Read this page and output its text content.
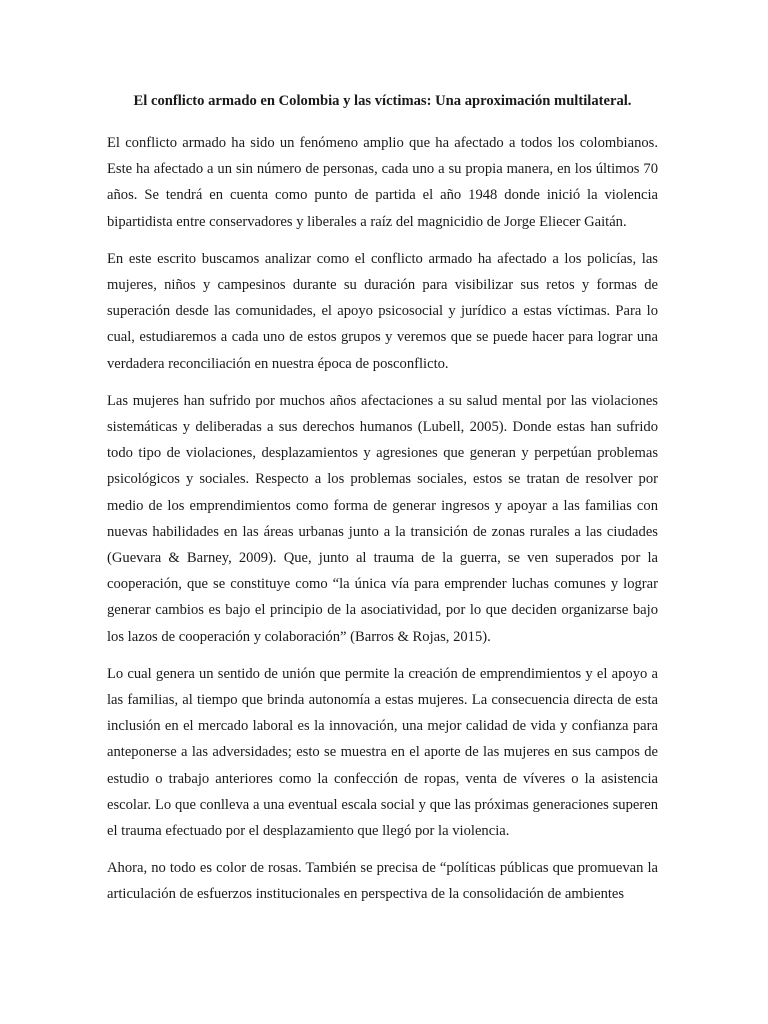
El conflicto armado en Colombia y las víctimas: Una aproximación multilateral.

El conflicto armado ha sido un fenómeno amplio que ha afectado a todos los colombianos. Este ha afectado a un sin número de personas, cada uno a su propia manera, en los últimos 70 años. Se tendrá en cuenta como punto de partida el año 1948 donde inició la violencia bipartidista entre conservadores y liberales a raíz del magnicidio de Jorge Eliecer Gaitán.

En este escrito buscamos analizar como el conflicto armado ha afectado a los policías, las mujeres, niños y campesinos durante su duración para visibilizar sus retos y formas de superación desde las comunidades, el apoyo psicosocial y jurídico a estas víctimas. Para lo cual, estudiaremos a cada uno de estos grupos y veremos que se puede hacer para lograr una verdadera reconciliación en nuestra época de posconflicto.

Las mujeres han sufrido por muchos años afectaciones a su salud mental por las violaciones sistemáticas y deliberadas a sus derechos humanos (Lubell, 2005). Donde estas han sufrido todo tipo de violaciones, desplazamientos y agresiones que generan y perpetúan problemas psicológicos y sociales. Respecto a los problemas sociales, estos se tratan de resolver por medio de los emprendimientos como forma de generar ingresos y apoyar a las familias con nuevas habilidades en las áreas urbanas junto a la transición de zonas rurales a las ciudades (Guevara & Barney, 2009). Que, junto al trauma de la guerra, se ven superados por la cooperación, que se constituye como “la única vía para emprender luchas comunes y lograr generar cambios es bajo el principio de la asociatividad, por lo que deciden organizarse bajo los lazos de cooperación y colaboración” (Barros & Rojas, 2015).

Lo cual genera un sentido de unión que permite la creación de emprendimientos y el apoyo a las familias, al tiempo que brinda autonomía a estas mujeres. La consecuencia directa de esta inclusión en el mercado laboral es la innovación, una mejor calidad de vida y confianza para anteponerse a las adversidades; esto se muestra en el aporte de las mujeres en sus campos de estudio o trabajo anteriores como la confección de ropas, venta de víveres o la asistencia escolar. Lo que conlleva a una eventual escala social y que las próximas generaciones superen el trauma efectuado por el desplazamiento que llegó por la violencia.

Ahora, no todo es color de rosas. También se precisa de “políticas públicas que promuevan la articulación de esfuerzos institucionales en perspectiva de la consolidación de ambientes
